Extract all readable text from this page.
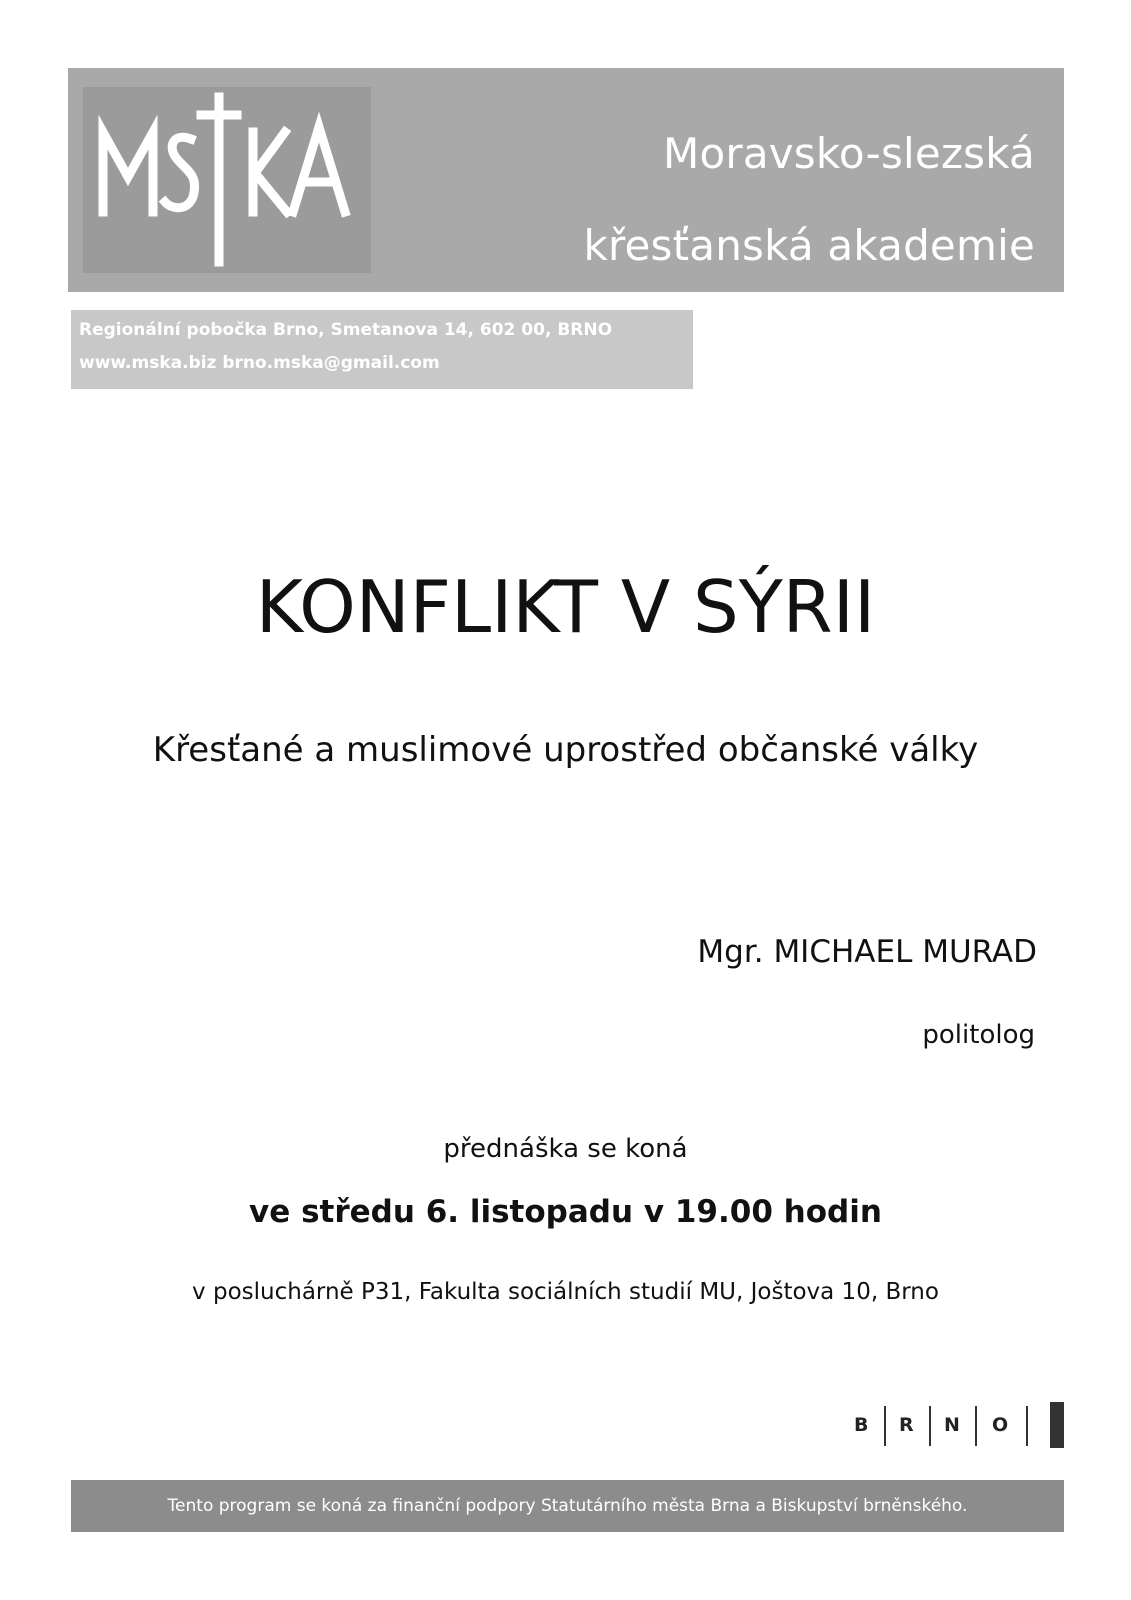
Moravsko-slezská
křesťanská akademie
Regionální pobočka Brno, Smetanova 14, 602 00, BRNO
www.mska.biz brno.mska@gmail.com
KONFLIKT V SÝRII
Křesťané a muslimové uprostřed občanské války
Mgr. MICHAEL MURAD
politolog
přednáška se koná
ve středu 6. listopadu v 19.00 hodin
v posluchárně P31, Fakulta sociálních studií MU, Joštova 10, Brno
B R N O
Tento program se koná za finanční podpory Statutárního města Brna a Biskupství brněnského.
